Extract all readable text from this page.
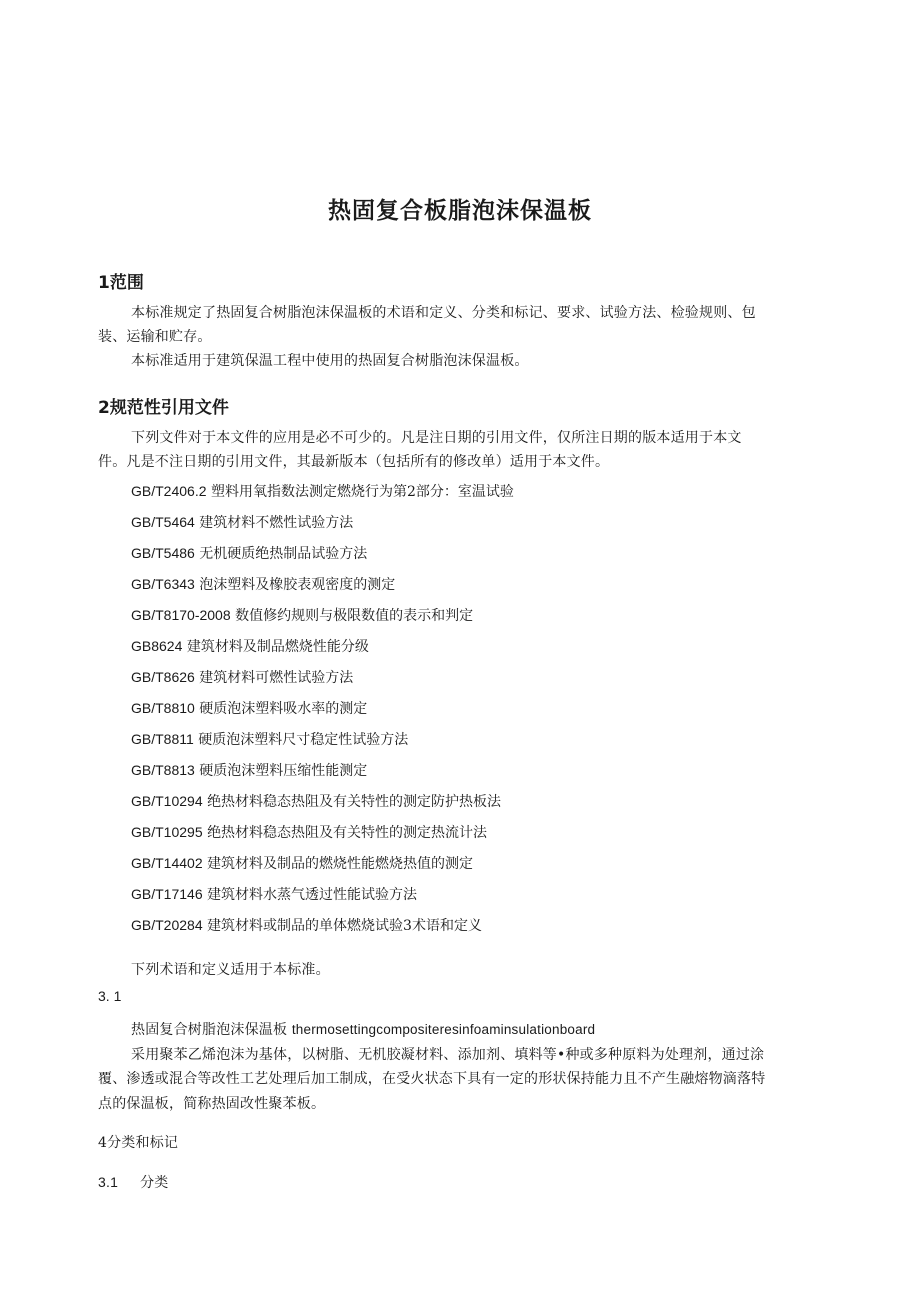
热固复合板脂泡沫保温板
1范围
本标准规定了热固复合树脂泡沫保温板的术语和定义、分类和标记、要求、试验方法、检验规则、包
装、运输和贮存。
本标准适用于建筑保温工程中使用的热固复合树脂泡沫保温板。
2规范性引用文件
下列文件对于本文件的应用是必不可少的。凡是注日期的引用文件，仅所注日期的版本适用于本文
件。凡是不注日期的引用文件，其最新版本（包括所有的修改单）适用于本文件。
GB/T2406.2 塑料用氧指数法测定燃烧行为第2部分：室温试验
GB/T5464 建筑材料不燃性试验方法
GB/T5486 无机硬质绝热制品试验方法
GB/T6343 泡沫塑料及橡胶表观密度的测定
GB/T8170-2008 数值修约规则与极限数值的表示和判定
GB8624 建筑材料及制品燃烧性能分级
GB/T8626 建筑材料可燃性试验方法
GB/T8810 硬质泡沫塑料吸水率的测定
GB/T8811 硬质泡沫塑料尺寸稳定性试验方法
GB/T8813 硬质泡沫塑料压缩性能测定
GB/T10294 绝热材料稳态热阻及有关特性的测定防护热板法
GB/T10295 绝热材料稳态热阻及有关特性的测定热流计法
GB/T14402 建筑材料及制品的燃烧性能燃烧热值的测定
GB/T17146 建筑材料水蒸气透过性能试验方法
GB/T20284 建筑材料或制品的单体燃烧试验3术语和定义
下列术语和定义适用于本标准。
3. 1
热固复合树脂泡沫保温板 thermosettingcompositeresinfoaminsulationboard
采用聚苯乙烯泡沫为基体，以树脂、无机胶凝材料、添加剂、填料等•种或多种原料为处理剂，通过涂
覆、渗透或混合等改性工艺处理后加工制成，在受火状态下具有一定的形状保持能力且不产生融熔物滴落特
点的保温板，简称热固改性聚苯板。
4分类和标记
3.1 分类
